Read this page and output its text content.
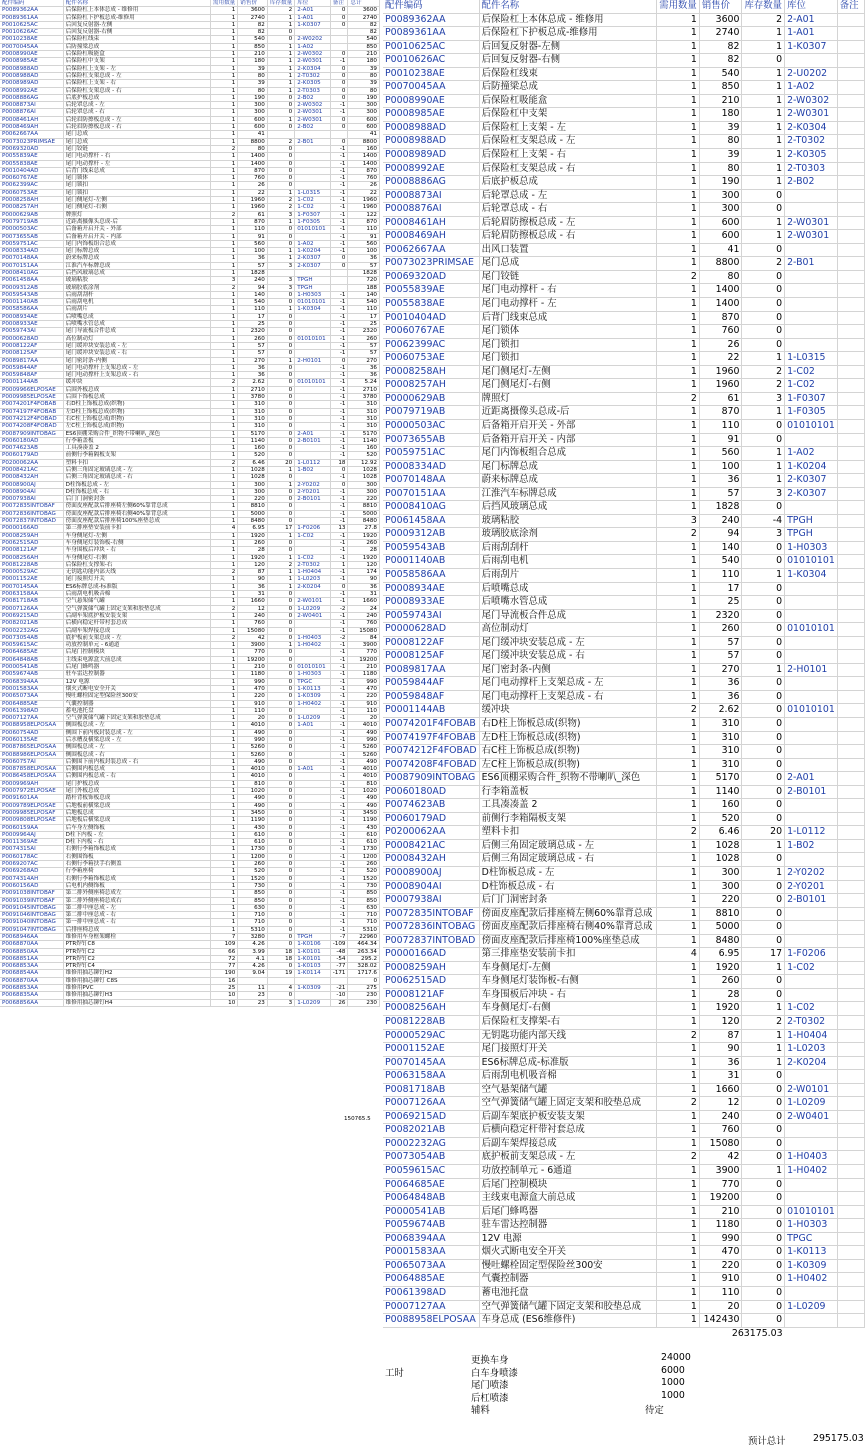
配件编码	配件名称	需用数量	销售价	库存数量	库位	备注	总计
P0089362AA	后保险杠上本体总成 - 维修用	1	3600	2	2-A01	0	3600
P0089361AA	后保险杠下护板总成-维修用	1	2740	1	1-A01	0	2740
P0010625AC	后回复反射器-左侧	1	82	1	1-K0307	0	82
P0010626AC	后回复反射器-右侧	1	82	0			82
P0010238AE	后保险杠线束	1	540	0	2-W0202		540
P0070045AA	后防撞梁总成	1	850	1	1-A02		850
P0008990AE	后保险杠吸能盒	1	210	1	2-W0302	0	210
P0008985AE	后保险杠中支架	1	180	1	2-W0301	-1	180
P0008988AD	后保险杠上支架 - 左	1	39	1	2-K0304	0	39
P0008988AD	后保险杠支架总成 - 左	1	80	1	2-T0302	0	80
P0008989AD	后保险杠上支架 - 右	1	39	1	2-K0305	0	39
P0008992AE	后保险杠支架总成 - 右	1	80	1	2-T0303	0	80
P0008886AG	后底护板总成	1	190	0	2-B02	0	190
P0008873AI	后轮罩总成 - 左	1	300	0	2-W0302	-1	300
P0008876AI	后轮罩总成 - 右	1	300	0	2-W0301	-1	300
P0008461AH	后轮眉防擦板总成 - 左	1	600	1	2-W0301	0	600
P0008469AH	后轮眉防擦板总成 - 右	1	600	0	2-B02	0	600
P0062667AA	尾门总成	1	41				41
P0073023PRIMSAE	尾门总成	1	8800	2	2-B01	0	8800
P0069320AD	尾门铰链	2	80	0		-1	160
P0055839AE	尾门电动撑杆 - 右	1	1400	0		-1	1400
P0055838AE	尾门电动撑杆 - 左	1	1400	0		-1	1400
P0010404AD	后背门线束总成	1	870	0		-1	870
P0060767AE	尾门锁体	1	760	0		-1	760
P0062399AC	尾门锁扣	1	26	0		-1	26
P0060753AE	尾门锁扣	1	22	1	1-L0315	-1	22
P0008258AH	尾门侧尾灯-左侧	1	1960	2	1-C02	-1	1960
P0008257AH	尾门侧尾灯-右侧	1	1960	2	1-C02	-1	1960
P0000629AB	牌照灯	2	61	3	1-F0307	-1	122
P0079719AB	近距离摄像头总成-后	1	870	1	1-F0305	-1	870
P0000503AC	后备箱开启开关 - 外部	1	110	0	01010101	-1	110
P0073655AB	后备箱开启开关 - 内部	1	91	0		-1	91
P0059751AC	尾门内饰板组合总成	1	560	0	1-A02	-1	560
P0008334AD	尾门标牌总成	1	100	1	1-K0204	-1	100
P0070148AA	蔚来标牌总成	1	36	1	2-K0307	0	36
P0070151AA	江淮汽车标牌总成	1	57	3	2-K0307	0	57
P0008410AG	后挡风玻璃总成	1	1828				1828
P0061458AA	玻璃粘胶	3	240	3	TPGH		720
P0009312AB	玻璃胶底涂剂	2	94	3	TPGH		188
P0059543AB	后雨刮刮杆	1	140	0	1-H0303	-1	140
P0001140AB	后雨刮电机	1	540	0	01010101	-1	540
P0058586AA	后雨刮片	1	110	1	1-K0304	-1	110
P0008934AE	后喷嘴总成	1	17	0		-1	17
P0008933AE	后喷嘴水管总成	1	25	0		-1	25
P0059743AI	尾门导流板合件总成	1	2320	0		-1	2320
P0000628AD	高位制动灯	1	260	0	01010101	-1	260
P0008122AF	尾门缓冲块安装总成 - 左	1	57	0		-1	57
P0008125AF	尾门缓冲块安装总成 - 右	1	57	0		-1	57
P0089817AA	尾门密封条-内侧	1	270	1	2-H0101	0	270
P0059844AF	尾门电动撑杆上支架总成 - 左	1	36	0		-1	36
P0059848AF	尾门电动撑杆上支架总成 - 右	1	36	0		-1	36
P0001144AB	缓冲块	2	2.62	0	01010101	-1	5.24
P0009966ELPOSAE	后围外板总成	1	2710	0		-1	2710
P0009985ELPOSAE	后围下饰板总成	1	3780	0		-1	3780
P0074201F4FOBAB	右D柱上饰板总成(织物)	1	310	0		-1	310
P0074197F4FOBAB	左D柱上饰板总成(织物)	1	310	0		-1	310
P0074212F4FOBAD	右C柱上饰板总成(织物)	1	310	0		-1	310
P0074208F4FOBAD	左C柱上饰板总成(织物)	1	310	0		-1	310
P0087909INTOBAG	ES6顶棚采购合件_织物不带喇叭_深色	1	5170	0	2-A01	-1	5170
P0060180AD	行李箱盖板	1	1140	0	2-B0101	-1	1140
P0074623AB	工具凑凑盖 2	1	160	0		-1	160
P0060179AD	前侧行李箱隔板支架	1	520	0		-1	520
P0200062AA	塑料卡扣	2	6.46	20	1-L0112	18	12.92
P0008421AC	后侧三角固定玻璃总成 - 左	1	1028	1	1-B02	0	1028
P0008432AH	后侧三角固定玻璃总成 - 右	1	1028	0		-1	1028
P0008900AJ	D柱饰板总成 - 左	1	300	1	2-Y0202	0	300
P0008904AI	D柱饰板总成 - 右	1	300	0	2-Y0201	-1	300
P0007938AI	后门门洞密封条	1	220	0	2-B0101	-1	220
P0072835INTOBAF	傍面皮座配款后排座椅左侧60%靠背总成	1	8810	0		-1	8810
P0072836INTOBAG	傍面皮座配款后排座椅右侧40%靠背总成	1	5000	0		-1	5000
P0072837INTOBAD	傍面皮座配款后排座椅100%座垫总成	1	8480	0		-1	8480
P0000166AD	第三排座垫安装前卡扣	4	6.95	17	1-F0206	13	27.8
P0008259AH	车身侧尾灯-左侧	1	1920	1	1-C02	-1	1920
P0062515AD	车身侧尾灯装饰板-右侧	1	260	0		-1	260
P0008121AF	车身围板后冲块 - 右	1	28	0		-1	28
P0008256AH	车身侧尾灯-右侧	1	1920	1	1-C02	-1	1920
P0081228AB	后保险杠支撑架-右	1	120	2	2-T0302	1	120
P0000529AC	无钥匙功能内部天线	2	87	1	1-H0404	-1	174
P0001152AE	尾门接照灯开关	1	90	1	1-L0203	-1	90
P0070145AA	ES6标牌总成-标准版	1	36	1	2-K0204	0	36
P0063158AA	后雨刮电机吸音棉	1	31	0		-1	31
P0081718AB	空气悬架储气罐	1	1660	0	2-W0101	-1	1660
P0007126AA	空气弹簧储气罐上固定支架和胶垫总成	2	12	0	1-L0209	-2	24
P0069215AD	后副车架底护板安装支架	1	240	0	2-W0401	-1	240
P0082021AB	后横向稳定杆带衬套总成	1	760	0		-1	760
P0002232AG	后副车架焊接总成	1	15080	0		-1	15080
P0073054AB	底护板前支架总成 - 左	2	42	0	1-H0403	-2	84
P0059615AC	功放控制单元 - 6通道	1	3900	1	1-H0402	-1	3900
P0064685AE	后尾门控制模块	1	770	0		-1	770
P0064848AB	主线束电源盒大前总成	1	19200	0		-1	19200
P0000541AB	后尾门蜂鸣器	1	210	0	01010101	-1	210
P0059674AB	驻车雷达控制器	1	1180	0	1-H0303	-1	1180
P0068394AA	12V 电源	1	990	0	TPGC	-1	990
P0001583AA	烟火式断电安全开关	1	470	0	1-K0113	-1	470
P0065073AA	慢吐螺栓固定型保险丝300安	1	220	0	1-K0309	-1	220
P0064885AE	气囊控制器	1	910	0	1-H0402	-1	910
P0061398AD	蓄电池托盘	1	110	0		-1	110
P0007127AA	空气弹簧储气罐下固定支架和胶垫总成	1	20	0	1-L0209	-1	20
P0088958ELPOSAA	侧围板总成 - 左	1	4010	0	1-A01	-1	4010
P0060754AD	侧围下前内板封装总成 - 左	1	490	0		-1	490
P0060135AE	后水槽及横梁总成 - 左	1	990	0		-1	990
P0087865ELPOSAA	侧围板总成 - 左	1	5260	0		-1	5260
P0088986ELPOSAA	侧围板总成 - 右	1	5260	0		-1	5260
P0060757AI	后侧围下前内板封装总成 - 右	1	490	0		-1	490
P0087858ELPOSAA	后侧围内板总成	1	4010	0	1-A01	-1	4010
P0086458ELPOSAA	后侧围内板总成 - 右	1	4010	0		-1	4010
P0009969AH	尾门护板总成	1	810	0		-1	810
P0007972ELPOSAE	尾门外板总成	1	1020	0		-1	1020
P0091601AA	踏杆背板饰板总成	1	490	0		-1	490
P0009789ELPOSAE	后地板前横梁总成	1	490	0		-1	490
P0009985ELPOSAF	后地板总成	1	3450	0		-1	3450
P0009808ELPOSAE	后地板后横梁总成	1	1190	0		-1	1190
P0060159AA	后车身左侧饰板	1	430	0		-1	430
P0009964AJ	D柱下内板 - 左	1	610	0		-1	610
P0011369AE	D柱下内板 - 右	1	610	0		-1	610
P0074315AI	右侧行李箱饰板总成	1	1730	0		-1	1730
P0060178AC	右侧围饰板	1	1200	0		-1	1200
P0069207AC	右侧行李箱扶手右侧盖	1	260	0		-1	260
P0069268AD	行李箱座椅	1	520	0		-1	520
P0074314AH	右侧行李箱饰板总成	1	1520	0		-1	1520
P0060156AD	后电机内侧饰板	1	730	0		-1	730
P0091038INTOBAF	第二排外侧座椅总成左	1	850	0		-1	850
P0091039INTOBAF	第二排外侧座椅总成右	1	850	0		-1	850
P0091045INTOBAG	第二排中座总成 - 左	1	630	0		-1	630
P0091046INTOBAG	第二排中座总成 - 右	1	710	0		-1	710
P0091040INTOBAG	第一排中座总成 - 右	1	710	0		-1	710
P0091047INTOBAG	后排座椅总成	1	5310	0		-1	5310
P0068946AA	维修用车身框架螺栓	7	3280	0	TPGH	-7	22960
P0068870AA	PTR焊钉C8	109	4.26	0	1-K0106	-109	464.34
P0068850AA	PTR焊钉C2	66	3.99	18	1-K0101	-48	263.34
P0068851AA	PTR焊钉C2	72	4.1	18	1-K0101	-54	295.2
P0068853AA	PTR焊钉C4	77	4.26	0	1-K0103	-77	328.02
P0068854AA	维修用抽芯铆钉H2	190	9.04	19	1-K0114	-171	1717.6
P0068870AA	维修用抽芯铆钉 C8S	16					0
P0068853AA	维修用PVC	25	11	4	1-K0309	-21	275
P0068835AA	维修用抽芯铆钉H3	10	23	0		-10	230
P0068856AA	维修用抽芯铆钉H4	10	23	3	1-L0209	26	230
150765.5
配件编码	配件名称	需用数量	销售价	库存数量	库位	备注
P0089362AA	后保险杠上本体总成 - 维修用	1	3600	2	2-A01	
P0089361AA	后保险杠下护板总成-维修用	1	2740	1	1-A01	
P0010625AC	后回复反射器-左侧	1	82	1	1-K0307	
P0010626AC	后回复反射器-右侧	1	82	0		
P0010238AE	后保险杠线束	1	540	1	2-U0202	
P0070045AA	后防撞梁总成	1	850	1	1-A02	
P0008990AE	后保险杠吸能盒	1	210	1	2-W0302	
P0008985AE	后保险杠中支架	1	180	1	2-W0301	
P0008988AD	后保险杠上支架 - 左	1	39	1	2-K0304	
P0008988AD	后保险杠支架总成 - 左	1	80	1	2-T0302	
P0008989AD	后保险杠上支架 - 右	1	39	1	2-K0305	
P0008992AE	后保险杠支架总成 - 右	1	80	1	2-T0303	
P0008886AG	后底护板总成	1	190	1	2-B02	
P0008873AI	后轮罩总成 - 左	1	300	0		
P0008876AI	后轮罩总成 - 右	1	300	0		
P0008461AH	后轮眉防擦板总成 - 左	1	600	1	2-W0301	
P0008469AH	后轮眉防擦板总成 - 右	1	600	1	2-W0301	
P0062667AA	出风口装置	1	41	0		
P0073023PRIMSAE	尾门总成	1	8800	2	2-B01	
P0069320AD	尾门铰链	2	80	0		
P0055839AE	尾门电动撑杆 - 右	1	1400	0		
P0055838AE	尾门电动撑杆 - 左	1	1400	0		
P0010404AD	后背门线束总成	1	870	0		
P0060767AE	尾门锁体	1	760	0		
P0062399AC	尾门锁扣	1	26	0		
P0060753AE	尾门锁扣	1	22	1	1-L0315	
P0008258AH	尾门侧尾灯-左侧	1	1960	2	1-C02	
P0008257AH	尾门侧尾灯-右侧	1	1960	2	1-C02	
P0000629AB	牌照灯	2	61	3	1-F0307	
P0079719AB	近距离摄像头总成-后	1	870	1	1-F0305	
P0000503AC	后备箱开启开关 - 外部	1	110	0	01010101	
P0073655AB	后备箱开启开关 - 内部	1	91	0		
P0059751AC	尾门内饰板组合总成	1	560	1	1-A02	
P0008334AD	尾门标牌总成	1	100	1	1-K0204	
P0070148AA	蔚来标牌总成	1	36	1	2-K0307	
P0070151AA	江淮汽车标牌总成	1	57	3	2-K0307	
P0008410AG	后挡风玻璃总成	1	1828	0		
P0061458AA	玻璃粘胶	3	240	-4	TPGH	
P0009312AB	玻璃胶底涂剂	2	94	3	TPGH	
P0059543AB	后雨刮刮杆	1	140	0	1-H0303	
P0001140AB	后雨刮电机	1	540	0	01010101	
P0058586AA	后雨刮片	1	110	1	1-K0304	
P0008934AE	后喷嘴总成	1	17	0		
P0008933AE	后喷嘴水管总成	1	25	0		
P0059743AI	尾门导流板合件总成	1	2320	0		
P0000628AD	高位制动灯	1	260	0	01010101	
P0008122AF	尾门缓冲块安装总成 - 左	1	57	0		
P0008125AF	尾门缓冲块安装总成 - 右	1	57	0		
P0089817AA	尾门密封条-内侧	1	270	1	2-H0101	
P0059844AF	尾门电动撑杆上支架总成 - 左	1	36	0		
P0059848AF	尾门电动撑杆上支架总成 - 右	1	36	0		
P0001144AB	缓冲块	2	2.62	0	01010101	
P0074201F4FOBAB	右D柱上饰板总成(织物)	1	310	0		
P0074197F4FOBAB	左D柱上饰板总成(织物)	1	310	0		
P0074212F4FOBAD	右C柱上饰板总成(织物)	1	310	0		
P0074208F4FOBAD	左C柱上饰板总成(织物)	1	310	0		
P0087909INTOBAG	ES6顶棚采购合件_织物不带喇叭_深色	1	5170	0	2-A01	
P0060180AD	行李箱盖板	1	1140	0	2-B0101	
P0074623AB	工具凑凑盖 2	1	160	0		
P0060179AD	前侧行李箱隔板支架	1	520	0		
P0200062AA	塑料卡扣	2	6.46	20	1-L0112	
P0008421AC	后侧三角固定玻璃总成 - 左	1	1028	1	1-B02	
P0008432AH	后侧三角固定玻璃总成 - 右	1	1028	0		
P0008900AJ	D柱饰板总成 - 左	1	300	1	2-Y0202	
P0008904AI	D柱饰板总成 - 右	1	300	0	2-Y0201	
P0007938AI	后门门洞密封条	1	220	0	2-B0101	
P0072835INTOBAF	傍面皮座配款后排座椅左侧60%靠背总成	1	8810	0		
P0072836INTOBAG	傍面皮座配款后排座椅右侧40%靠背总成	1	5000	0		
P0072837INTOBAD	傍面皮座配款后排座椅100%座垫总成	1	8480	0		
P0000166AD	第三排座垫安装前卡扣	4	6.95	17	1-F0206	
P0008259AH	车身侧尾灯-左侧	1	1920	1	1-C02	
P0062515AD	车身侧尾灯装饰板-右侧	1	260	0		
P0008121AF	车身围板后冲块 - 右	1	28	0		
P0008256AH	车身侧尾灯-右侧	1	1920	1	1-C02	
P0081228AB	后保险杠支撑架-右	1	120	2	2-T0302	
P0000529AC	无钥匙功能内部天线	2	87	1	1-H0404	
P0001152AE	尾门接照灯开关	1	90	1	1-L0203	
P0070145AA	ES6标牌总成-标准版	1	36	1	2-K0204	
P0063158AA	后雨刮电机吸音棉	1	31	0		
P0081718AB	空气悬架储气罐	1	1660	0	2-W0101	
P0007126AA	空气弹簧储气罐上固定支架和胶垫总成	2	12	0	1-L0209	
P0069215AD	后副车架底护板安装支架	1	240	0	2-W0401	
P0082021AB	后横向稳定杆带衬套总成	1	760	0		
P0002232AG	后副车架焊接总成	1	15080	0		
P0073054AB	底护板前支架总成 - 左	2	42	0	1-H0403	
P0059615AC	功放控制单元 - 6通道	1	3900	1	1-H0402	
P0064685AE	后尾门控制模块	1	770	0		
P0064848AB	主线束电源盒大前总成	1	19200	0		
P0000541AB	后尾门蜂鸣器	1	210	0	01010101	
P0059674AB	驻车雷达控制器	1	1180	0	1-H0303	
P0068394AA	12V 电源	1	990	0	TPGC	
P0001583AA	烟火式断电安全开关	1	470	0	1-K0113	
P0065073AA	慢吐螺栓固定型保险丝300安	1	220	0	1-K0309	
P0064885AE	气囊控制器	1	910	0	1-H0402	
P0061398AD	蓄电池托盘	1	110	0		
P0007127AA	空气弹簧储气罐下固定支架和胶垫总成	1	20	0	1-L0209	
P0088958ELPOSAA	车身总成 (ES6维修件)	1	142430	0		
			263175.03			
工时
更换车身	24000
白车身喷漆	6000
尾门喷漆	1000
后杠喷漆	1000
辅料	待定
预计总计	295175.03
